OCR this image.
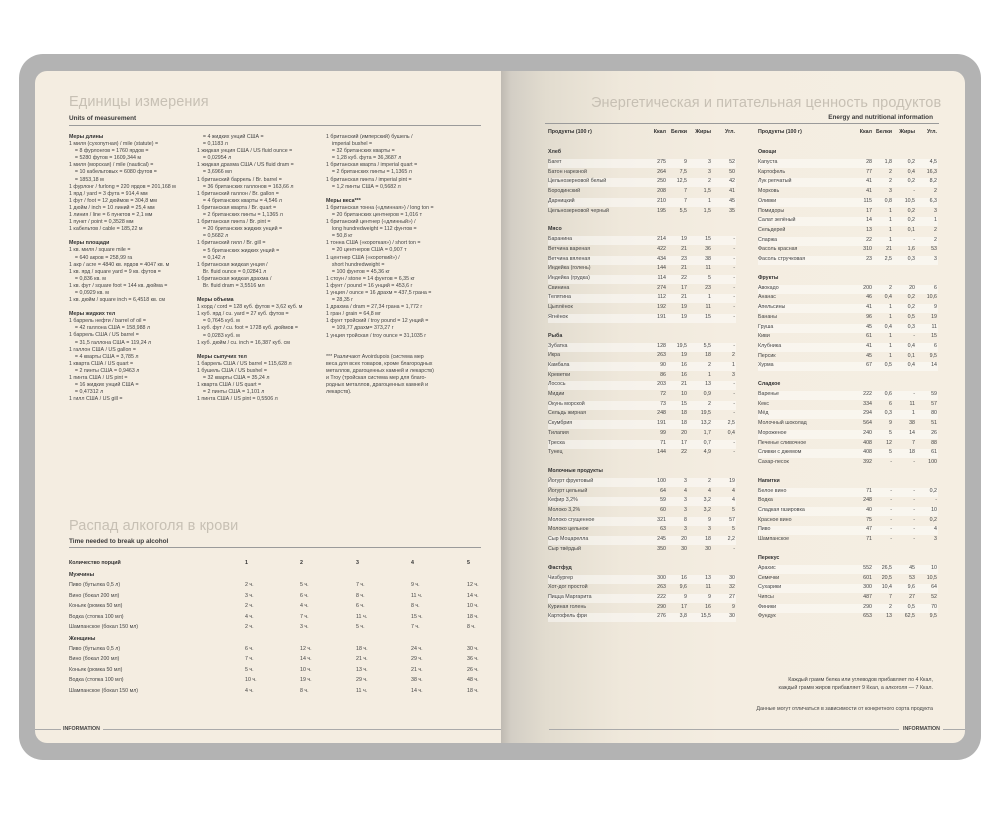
Единицы измерения
Units of measurement
Меры длины
1 миля (сухопутная) / mile (statute) =
= 8 фурлонгов = 1760 ярдов =
= 5280 футов = 1609,344 м
1 миля (морская) / mile (nautical) =
= 10 кабельтовых = 6080 футов =
= 1853,18 м
1 фурлонг / furlong = 220 ярдов = 201,168 м
1 ярд / yard = 3 фута = 914,4 мм
1 фут / foot = 12 дюймов = 304,8 мм
1 дюйм / inch = 10 линий = 25,4 мм
1 линия / line = 6 пунктов = 2,1 мм
1 пункт / point = 0,3528 мм
1 кабельтов / cable = 185,22 м
Меры площади
1 кв. миля / square mile =
= 640 акров = 258,99 га
1 акр / acre = 4840 кв. ярдов = 4047 кв. м
1 кв. ярд / square yard = 9 кв. футов =
= 0,836 кв. м
1 кв. фут / square foot = 144 кв. дюйма =
= 0,0929 кв. м
1 кв. дюйм / square inch = 6,4518 кв. см
Меры жидких тел
1 баррель нефти / barrel of oil =
= 42 галлона США = 158,988 л
1 баррель США / US barrel =
= 31,5 галлона США = 119,24 л
1 галлон США / US gallon =
= 4 кварты США = 3,785 л
1 кварта США / US quart =
= 2 пинты США = 0,9463 л
1 пинта США / US pint =
= 16 жидких унций США =
= 0,47312 л
1 гилл США / US gill =
= 4 жидких унций США =
= 0,1183 л
1 жидкая унция США / US fluid ounce =
= 0,02954 л
1 жидкая драхма США / US fluid dram =
= 3,6966 мл
1 британский баррель / Br. barrel =
= 36 британских галлонов = 163,66 л
1 британский галлон / Br. gallon =
= 4 британских кварты = 4,546 л
1 британская кварта / Br. quart =
= 2 британских пинты = 1,1365 л
1 британская пинта / Br. pint =
= 20 британских жидких унций =
= 0,5682 л
1 британский гилл / Br. gill =
= 5 британских жидких унций =
= 0,142 л
1 британская жидкая унция /
Br. fluid ounce = 0,02841 л
1 британская жидкая драхма /
Br. fluid dram = 3,5516 мл
Меры объема
1 корд / cord = 128 куб. футов = 3,62 куб. м
1 куб. ярд / cu. yard = 27 куб. футов =
= 0,7645 куб. м
1 куб. фут / cu. foot = 1728 куб. дюймов =
= 0,0283 куб. м
1 куб. дюйм / cu. inch = 16,387 куб. см
Меры сыпучих тел
1 баррель США / US barrel = 115,628 л
1 бушель США / US bushel =
= 32 кварты США = 35,24 л
1 кварта США / US quart =
= 2 пинты США = 1,101 л
1 пинта США / US pint = 0,5506 л
1 британский (имперский) бушель /
imperial bushel =
= 32 британских кварты =
= 1,28 куб. фута = 36,3687 л
1 британская кварта / imperial quart =
= 2 британских пинты = 1,1365 л
1 британская пинта / imperial pint =
= 1,2 пинты США = 0,5682 л
Меры веса***
1 британская тонна («длинная») / long ton =
= 20 британских центнеров = 1,016 т
1 британский центнер («длинный») /
long hundredweight = 112 фунтов =
= 50,8 кг
1 тонна США («короткая») / short ton =
= 20 центнеров США = 0,907 т
1 центнер США («короткий») /
short hundredweight =
= 100 фунтов = 45,36 кг
1 стоун / stone = 14 фунтов = 6,35 кг
1 фунт / pound = 16 унций = 453,6 г
1 унция / ounce = 16 драхм = 437,5 грана =
= 28,35 г
1 драхма / dram = 27,34 грана = 1,772 г
1 гран / grain = 64,8 мг
1 фунт тройский / troy pound = 12 унций =
= 109,77 драхм= 373,27 г
1 унция тройская / troy ounce = 31,1035 г
*** Различают Avoirdupois (система мер
веса для всех товаров, кроме благородных
металлов, драгоценных камней и лекарств)
и Troy (тройская система мер для благо-
родных металлов, драгоценных камней и
лекарств).
Распад алкоголя в крови
Time needed to break up alcohol
Количество порций	1	2	3	4	5
Мужчины
Пиво (бутылка 0,5 л)	2 ч.	5 ч.	7 ч.	9 ч.	12 ч.
Вино (бокал 200 мл)	3 ч.	6 ч.	8 ч.	11 ч.	14 ч.
Коньяк (рюмка 50 мл)	2 ч.	4 ч.	6 ч.	8 ч.	10 ч.
Водка (стопка 100 мл)	4 ч.	7 ч.	11 ч.	15 ч.	18 ч.
Шампанское (бокал 150 мл)	2 ч.	3 ч.	5 ч.	7 ч.	8 ч.
Женщины
Пиво (бутылка 0,5 л)	6 ч.	12 ч.	18 ч.	24 ч.	30 ч.
Вино (бокал 200 мл)	7 ч.	14 ч.	21 ч.	29 ч.	36 ч.
Коньяк (рюмка 50 мл)	5 ч.	10 ч.	13 ч.	21 ч.	26 ч.
Водка (стопка 100 мл)	10 ч.	19 ч.	29 ч.	38 ч.	48 ч.
Шампанское (бокал 150 мл)	4 ч.	8 ч.	11 ч.	14 ч.	18 ч.
INFORMATION
Энергетическая и питательная ценность продуктов
Energy and nutritional information
Продукты (100 г)	Ккал Белки Жиры	Угл.
Хлеб
Багет	275	9	3	52
Батон нарезной	264	7,5	3	50
Цельнозерновой белый	250 12,5	2	42
Бородинский	208	7	1,5	41
Дарницкий	210	7	1	45
Цельнозерновой черный	195	5,5	1,5	35
Мясо
Баранина	214	19	15	-
Ветчина вареная	422	21	36	-
Ветчина вяленая	434	23	38	-
Индейка (голень)	144	21	11	-
Индейка (грудка)	114	22	5	-
Свинина	274	17	23	-
Телятина	112	21	1	-
Цыплёнок	192	19	11	-
Ягнёнок	191	19	15	-
Рыба
Зубатка	128 19,5	5,5	-
Икра	263	19	18	2
Камбала	90	16	2	1
Креветки	86	16	1	3
Лосось	203	21	13	-
Мидии	72	10	0,9	-
Окунь морской	73	15	2	-
Сельдь жирная	248	18	19,5	-
Скумбрия	191	18	13,2	2,5
Тилапия	99	20	1,7	0,4
Треска	71	17	0,7	-
Тунец	144	22	4,9	-
Молочные продукты
Йогурт фруктовый	100	3	2	19
Йогурт цельный	64	4	4	4
Кефир 3,2%	59	3	3,2	4
Молоко 3,2%	60	3	3,2	5
Молоко сгущенное	321	8	9	57
Молоко цельное	63	3	3	5
Сыр Моцарелла	245	20	18	2,2
Сыр твёрдый	350	30	30	-
Фастфуд
Чизбургер	300	16	13	30
Хот-дог простой	263	9,6	11	32
Пицца Маргарита	222	9	9	27
Куриная голень	290	17	16	9
Картофель фри	276	3,8	15,5	30
Продукты (100 г)	Ккал Белки Жиры Угл.
Овощи
Капуста	28 1,8	0,2	4,5
Картофель	77	2	0,4 16,3
Лук репчатый	41	2	0,2	8,2
Морковь	41	3	-	2
Оливки	115 0,8 10,5	6,3
Помидоры	17	1	0,2	3
Салат зелёный	14	1	0,2	1
Сельдерей	13	1	0,1	2
Спаржа	22	1	-	2
Фасоль красная	310	21	1,6	53
Фасоль стручковая	23 2,5	0,3	3
Фрукты
Авокадо	200	2	20	6
Ананас	46 0,4	0,2 10,6
Апельсины	41	1	0,2	9
Бананы	96	1	0,5	19
Груша	45 0,4	0,3	11
Киви	61	1	-	15
Клубника	41	1	0,4	6
Персик	45	1	0,1	9,5
Хурма	67 0,5	0,4	14
Сладкое
Варенье	222 0,6	-	59
Кекс	334	6	11	57
Мёд	294 0,3	1	80
Молочный шоколад	564	9	38	51
Мороженое	240	5	14	26
Печенье сливочное	408	12	7	88
Сливки с джемом	408	5	18	61
Сахар-песок	392	-	- 100
Напитки
Белое вино	71	-	-	0,2
Водка	248	-	-	-
Сладкая газировка	40	-	-	10
Красное вино	75	-	-	0,2
Пиво	47	-	-	4
Шампанское	71	-	-	3
Перекус
Арахис	552 26,5	45	10
Семечки	601 20,5	53 10,5
Сухарики	300 10,4	9,6	64
Чипсы	487	7	27	52
Финики	290	2	0,5	70
Фундук	653	13 62,5	9,5
Каждый грамм белка или углеводов прибавляет по 4 Ккал,
каждый грамм жиров прибавляет 9 Ккал, а алкоголя — 7 Ккал.
Данные могут отличаться в зависимости от конкретного сорта продукта
INFORMATION
